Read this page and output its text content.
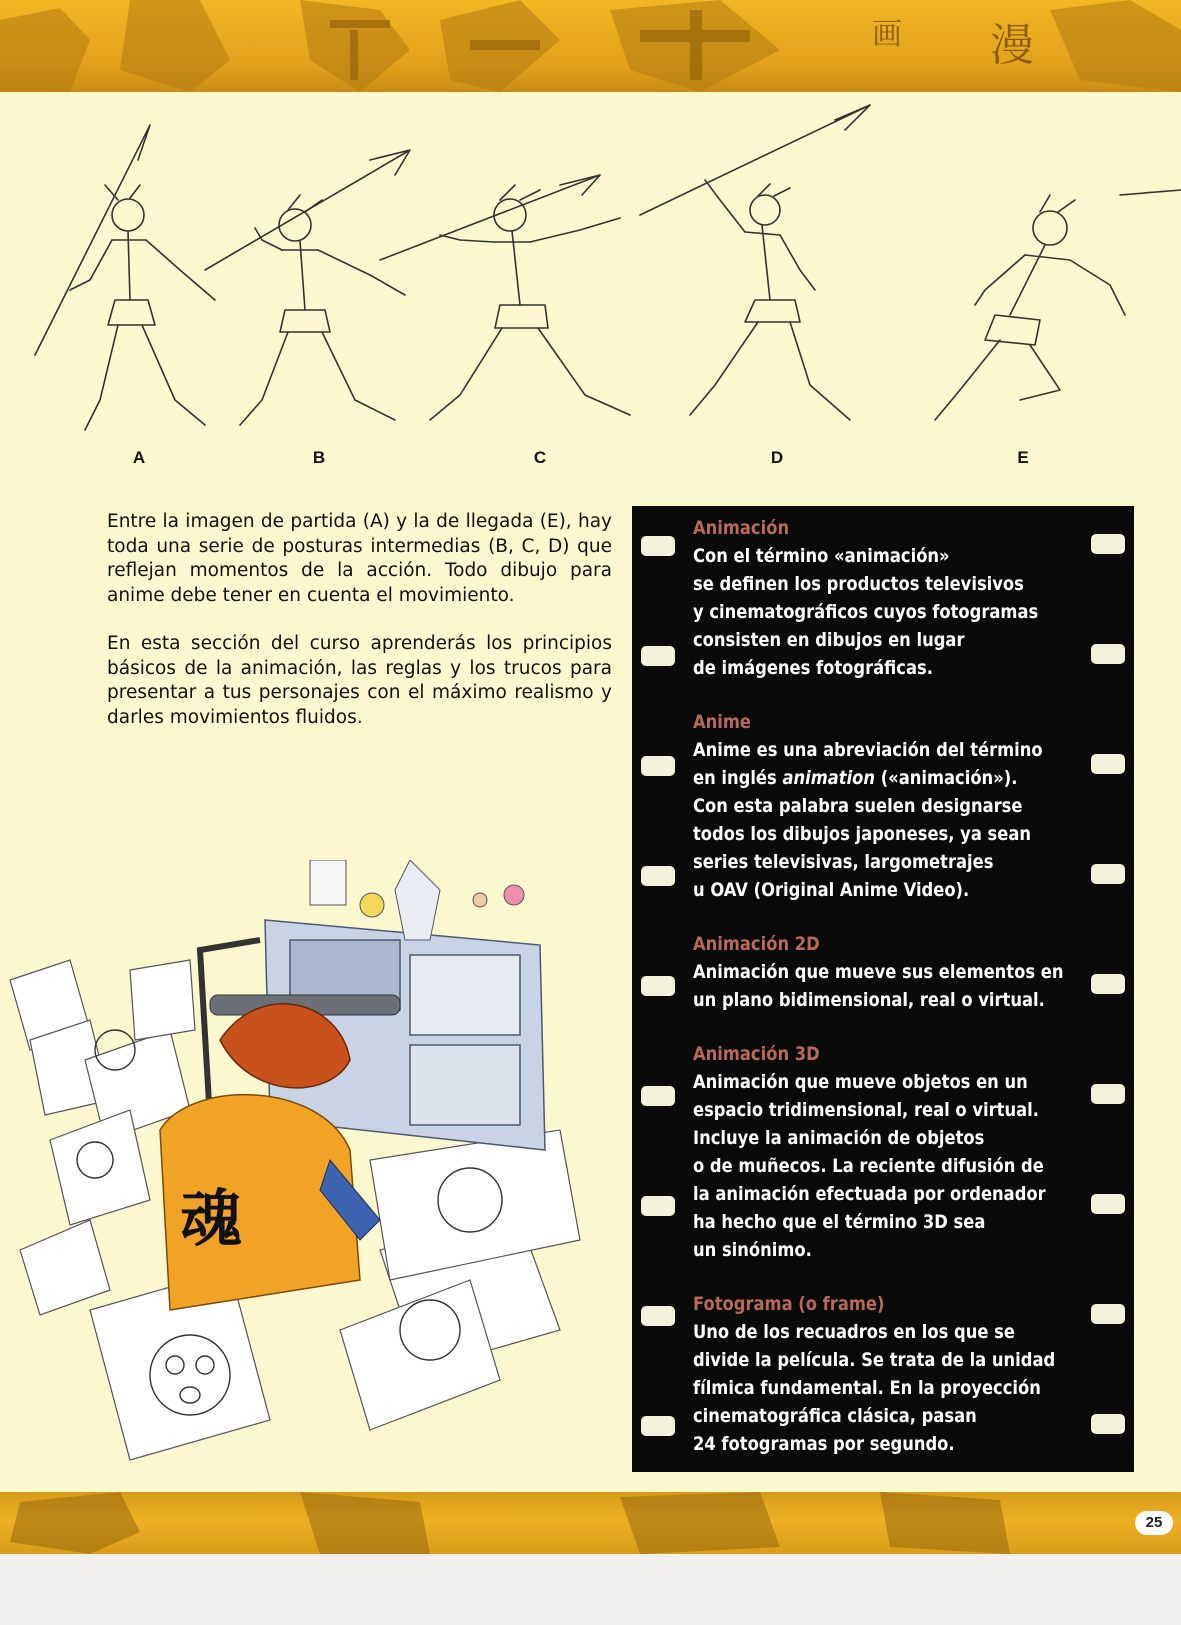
画 漫
A	B	C	D	E

Entre la imagen de partida (A) y la de llegada (E), hay toda una serie de posturas intermedias (B, C, D) que reflejan momentos de la acción. Todo dibujo para anime debe tener en cuenta el movimiento.

En esta sección del curso aprenderás los principios básicos de la animación, las reglas y los trucos para presentar a tus personajes con el máximo realismo y darles movimientos fluidos.

魂
Animación
Con el término «animación»
se definen los productos televisivos
y cinematográficos cuyos fotogramas
consisten en dibujos en lugar
de imágenes fotográficas.
Anime
Anime es una abreviación del término
en inglés animation («animación»).
Con esta palabra suelen designarse
todos los dibujos japoneses, ya sean
series televisivas, largometrajes
u OAV (Original Anime Video).
Animación 2D
Animación que mueve sus elementos en
un plano bidimensional, real o virtual.
Animación 3D
Animación que mueve objetos en un
espacio tridimensional, real o virtual.
Incluye la animación de objetos
o de muñecos. La reciente difusión de
la animación efectuada por ordenador
ha hecho que el término 3D sea
un sinónimo.
Fotograma (o frame)
Uno de los recuadros en los que se
divide la película. Se trata de la unidad
fílmica fundamental. En la proyección
cinematográfica clásica, pasan
24 fotogramas por segundo.
25
